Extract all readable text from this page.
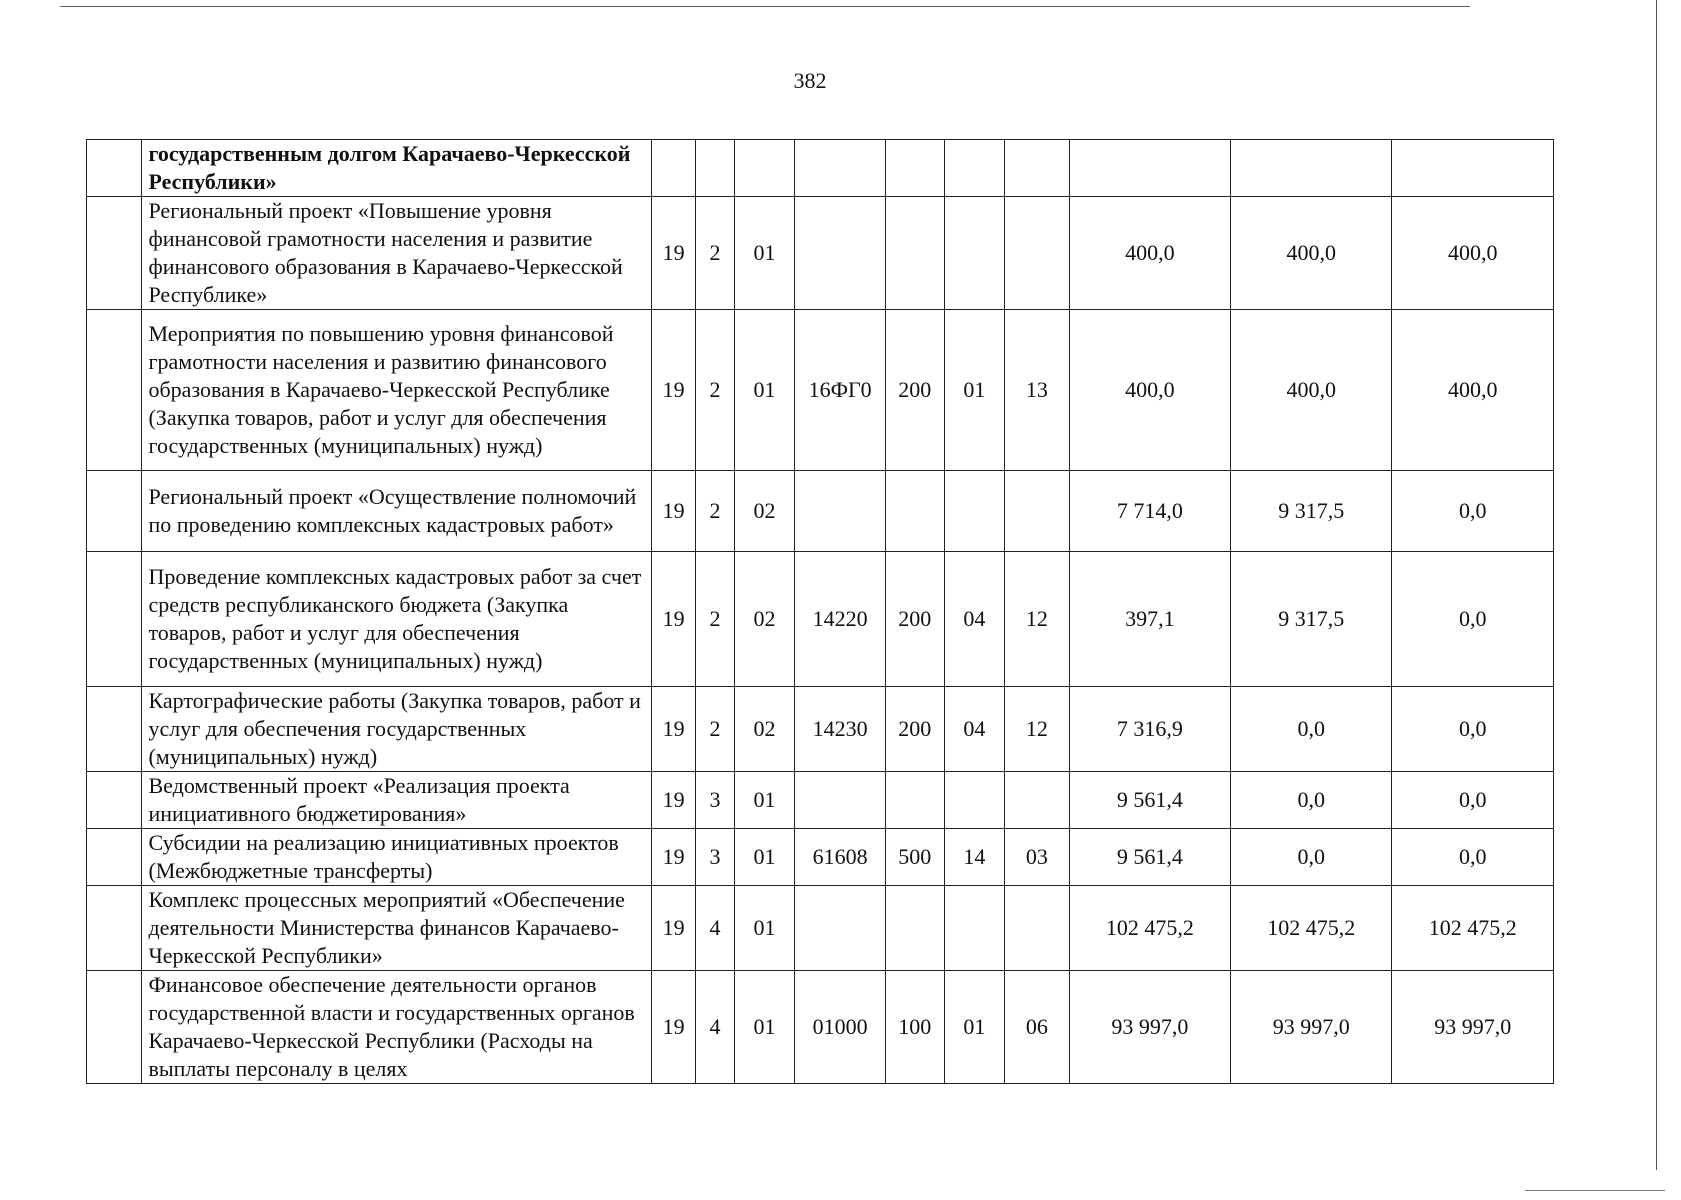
382
	государственным долгом Карачаево-Черкесской Республики»										
	Региональный проект «Повышение уровня финансовой грамотности населения и развитие финансового образования в Карачаево-Черкесской Республике»	19	2	01					400,0	400,0	400,0
	Мероприятия по повышению уровня финансовой грамотности населения и развитию финансового образования в Карачаево-Черкесской Республике (Закупка товаров, работ и услуг для обеспечения государственных (муниципальных) нужд)	19	2	01	16ФГ0	200	01	13	400,0	400,0	400,0
	Региональный проект «Осуществление полномочий по проведению комплексных кадастровых работ»	19	2	02					7 714,0	9 317,5	0,0
	Проведение комплексных кадастровых работ за счет средств республиканского бюджета (Закупка товаров, работ и услуг для обеспечения государственных (муниципальных) нужд)	19	2	02	14220	200	04	12	397,1	9 317,5	0,0
	Картографические работы (Закупка товаров, работ и услуг для обеспечения государственных (муниципальных) нужд)	19	2	02	14230	200	04	12	7 316,9	0,0	0,0
	Ведомственный проект «Реализация проекта инициативного бюджетирования»	19	3	01					9 561,4	0,0	0,0
	Субсидии на реализацию инициативных проектов (Межбюджетные трансферты)	19	3	01	61608	500	14	03	9 561,4	0,0	0,0
	Комплекс процессных мероприятий «Обеспечение деятельности Министерства финансов Карачаево-Черкесской Республики»	19	4	01					102 475,2	102 475,2	102 475,2
	Финансовое обеспечение деятельности органов государственной власти и государственных органов Карачаево-Черкесской Республики (Расходы на выплаты персоналу в целях	19	4	01	01000	100	01	06	93 997,0	93 997,0	93 997,0
